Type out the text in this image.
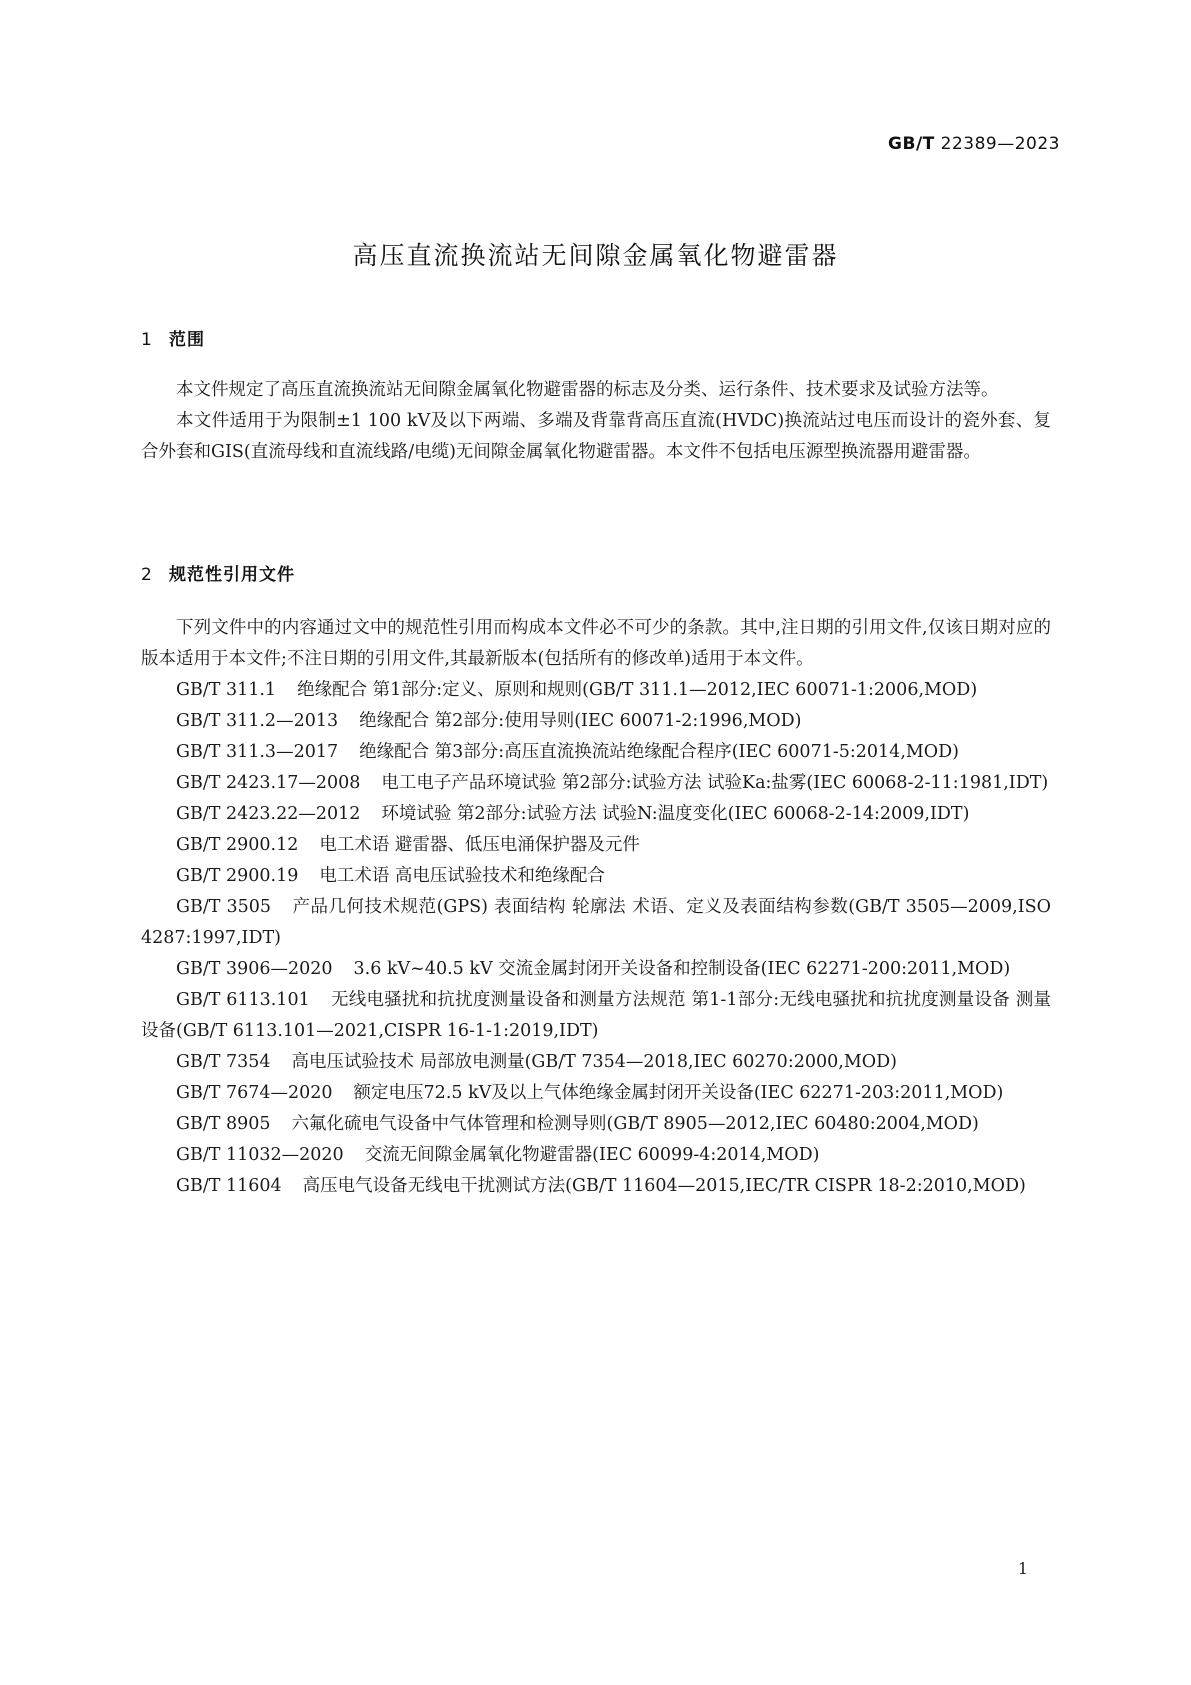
GB/T 22389—2023
高压直流换流站无间隙金属氧化物避雷器
1 范围

本文件规定了高压直流换流站无间隙金属氧化物避雷器的标志及分类、运行条件、技术要求及试验方法等。

本文件适用于为限制±1 100 kV及以下两端、多端及背靠背高压直流(HVDC)换流站过电压而设计的瓷外套、复合外套和GIS(直流母线和直流线路/电缆)无间隙金属氧化物避雷器。本文件不包括电压源型换流器用避雷器。

2 规范性引用文件

下列文件中的内容通过文中的规范性引用而构成本文件必不可少的条款。其中,注日期的引用文件,仅该日期对应的版本适用于本文件;不注日期的引用文件,其最新版本(包括所有的修改单)适用于本文件。

GB/T 311.1 绝缘配合 第1部分:定义、原则和规则(GB/T 311.1—2012,IEC 60071-1:2006,MOD)

GB/T 311.2—2013 绝缘配合 第2部分:使用导则(IEC 60071-2:1996,MOD)

GB/T 311.3—2017 绝缘配合 第3部分:高压直流换流站绝缘配合程序(IEC 60071-5:2014,MOD)

GB/T 2423.17—2008 电工电子产品环境试验 第2部分:试验方法 试验Ka:盐雾(IEC 60068-2-11:1981,IDT)

GB/T 2423.22—2012 环境试验 第2部分:试验方法 试验N:温度变化(IEC 60068-2-14:2009,IDT)

GB/T 2900.12 电工术语 避雷器、低压电涌保护器及元件

GB/T 2900.19 电工术语 高电压试验技术和绝缘配合

GB/T 3505 产品几何技术规范(GPS) 表面结构 轮廓法 术语、定义及表面结构参数(GB/T 3505—2009,ISO 4287:1997,IDT)

GB/T 3906—2020 3.6 kV~40.5 kV 交流金属封闭开关设备和控制设备(IEC 62271-200:2011,MOD)

GB/T 6113.101 无线电骚扰和抗扰度测量设备和测量方法规范 第1-1部分:无线电骚扰和抗扰度测量设备 测量设备(GB/T 6113.101—2021,CISPR 16-1-1:2019,IDT)

GB/T 7354 高电压试验技术 局部放电测量(GB/T 7354—2018,IEC 60270:2000,MOD)

GB/T 7674—2020 额定电压72.5 kV及以上气体绝缘金属封闭开关设备(IEC 62271-203:2011,MOD)

GB/T 8905 六氟化硫电气设备中气体管理和检测导则(GB/T 8905—2012,IEC 60480:2004,MOD)

GB/T 11032—2020 交流无间隙金属氧化物避雷器(IEC 60099-4:2014,MOD)

GB/T 11604 高压电气设备无线电干扰测试方法(GB/T 11604—2015,IEC/TR CISPR 18-2:2010,MOD)

1
